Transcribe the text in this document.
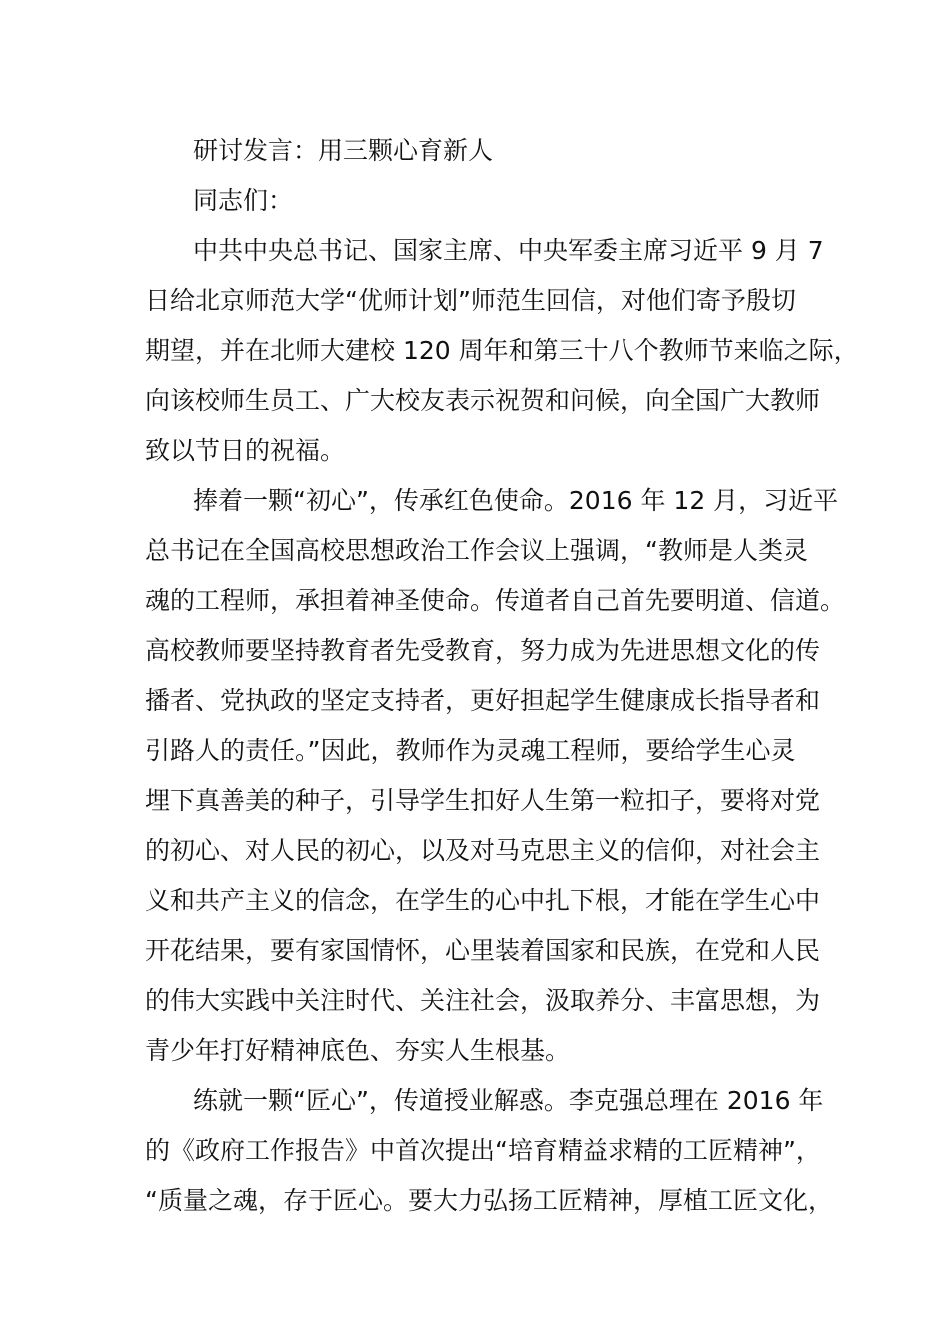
研讨发言：用三颗心育新人
同志们：
中共中央总书记、国家主席、中央军委主席习近平 9 月 7
日给北京师范大学“优师计划”师范生回信，对他们寄予殷切
期望，并在北师大建校 120 周年和第三十八个教师节来临之际，
向该校师生员工、广大校友表示祝贺和问候，向全国广大教师
致以节日的祝福。
捧着一颗“初心”，传承红色使命。2016 年 12 月，习近平
总书记在全国高校思想政治工作会议上强调，“教师是人类灵
魂的工程师，承担着神圣使命。传道者自己首先要明道、信道。
高校教师要坚持教育者先受教育，努力成为先进思想文化的传
播者、党执政的坚定支持者，更好担起学生健康成长指导者和
引路人的责任。”因此，教师作为灵魂工程师，要给学生心灵
埋下真善美的种子，引导学生扣好人生第一粒扣子，要将对党
的初心、对人民的初心，以及对马克思主义的信仰，对社会主
义和共产主义的信念，在学生的心中扎下根，才能在学生心中
开花结果，要有家国情怀，心里装着国家和民族，在党和人民
的伟大实践中关注时代、关注社会，汲取养分、丰富思想，为
青少年打好精神底色、夯实人生根基。
练就一颗“匠心”，传道授业解惑。李克强总理在 2016 年
的《政府工作报告》中首次提出“培育精益求精的工匠精神”，
“质量之魂，存于匠心。要大力弘扬工匠精神，厚植工匠文化，
